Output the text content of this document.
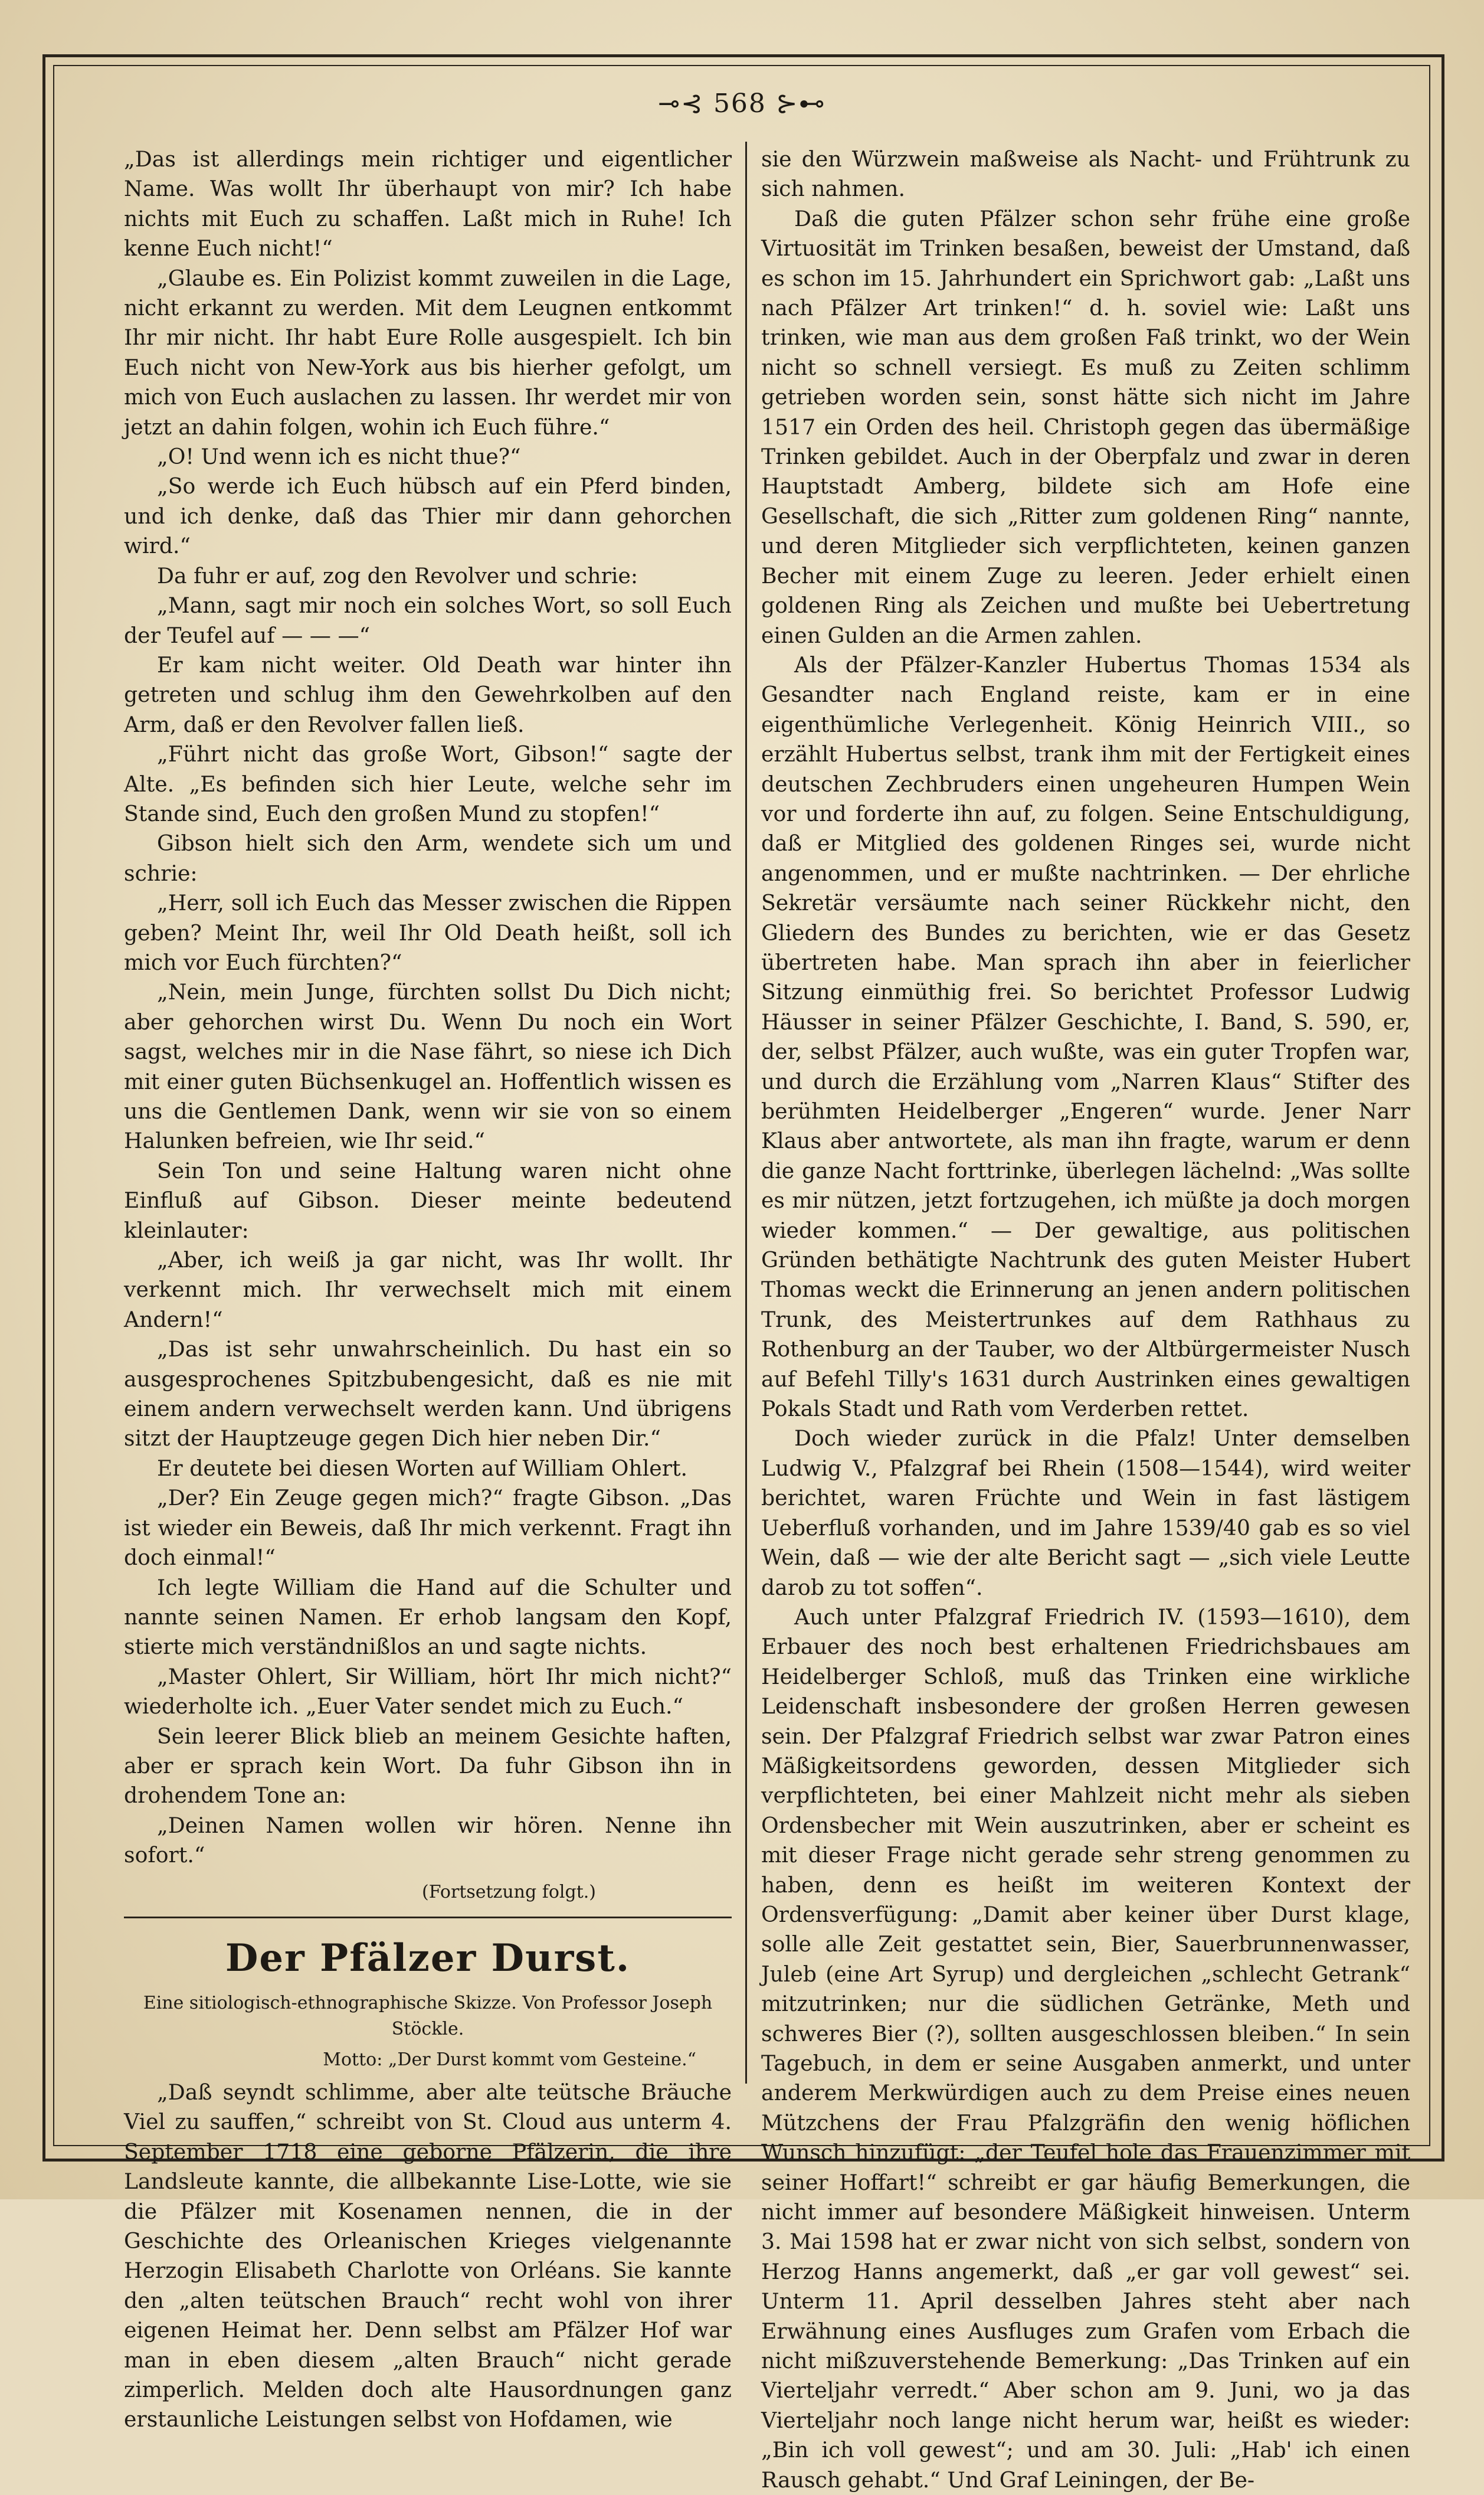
⊸⊰ 568 ⊱⊷

„Das ist allerdings mein richtiger und eigentlicher Name. Was wollt Ihr überhaupt von mir? Ich habe nichts mit Euch zu schaffen. Laßt mich in Ruhe! Ich kenne Euch nicht!“

„Glaube es. Ein Polizist kommt zuweilen in die Lage, nicht erkannt zu werden. Mit dem Leugnen entkommt Ihr mir nicht. Ihr habt Eure Rolle ausgespielt. Ich bin Euch nicht von New-York aus bis hierher gefolgt, um mich von Euch auslachen zu lassen. Ihr werdet mir von jetzt an dahin folgen, wohin ich Euch führe.“

„O! Und wenn ich es nicht thue?“

„So werde ich Euch hübsch auf ein Pferd binden, und ich denke, daß das Thier mir dann gehorchen wird.“

Da fuhr er auf, zog den Revolver und schrie:

„Mann, sagt mir noch ein solches Wort, so soll Euch der Teufel auf — — —“

Er kam nicht weiter. Old Death war hinter ihn getreten und schlug ihm den Gewehrkolben auf den Arm, daß er den Revolver fallen ließ.

„Führt nicht das große Wort, Gibson!“ sagte der Alte. „Es befinden sich hier Leute, welche sehr im Stande sind, Euch den großen Mund zu stopfen!“

Gibson hielt sich den Arm, wendete sich um und schrie:

„Herr, soll ich Euch das Messer zwischen die Rippen geben? Meint Ihr, weil Ihr Old Death heißt, soll ich mich vor Euch fürchten?“

„Nein, mein Junge, fürchten sollst Du Dich nicht; aber gehorchen wirst Du. Wenn Du noch ein Wort sagst, welches mir in die Nase fährt, so niese ich Dich mit einer guten Büchsenkugel an. Hoffentlich wissen es uns die Gentlemen Dank, wenn wir sie von so einem Halunken befreien, wie Ihr seid.“

Sein Ton und seine Haltung waren nicht ohne Einfluß auf Gibson. Dieser meinte bedeutend kleinlauter:

„Aber, ich weiß ja gar nicht, was Ihr wollt. Ihr verkennt mich. Ihr verwechselt mich mit einem Andern!“

„Das ist sehr unwahrscheinlich. Du hast ein so ausgesprochenes Spitzbubengesicht, daß es nie mit einem andern verwechselt werden kann. Und übrigens sitzt der Hauptzeuge gegen Dich hier neben Dir.“

Er deutete bei diesen Worten auf William Ohlert.

„Der? Ein Zeuge gegen mich?“ fragte Gibson. „Das ist wieder ein Beweis, daß Ihr mich verkennt. Fragt ihn doch einmal!“

Ich legte William die Hand auf die Schulter und nannte seinen Namen. Er erhob langsam den Kopf, stierte mich verständnißlos an und sagte nichts.

„Master Ohlert, Sir William, hört Ihr mich nicht?“ wiederholte ich. „Euer Vater sendet mich zu Euch.“

Sein leerer Blick blieb an meinem Gesichte haften, aber er sprach kein Wort. Da fuhr Gibson ihn in drohendem Tone an:

„Deinen Namen wollen wir hören. Nenne ihn sofort.“

(Fortsetzung folgt.)
Der Pfälzer Durst.
Eine sitiologisch-ethnographische Skizze. Von Professor Joseph Stöckle.
Motto: „Der Durst kommt vom Gesteine.“

„Daß seyndt schlimme, aber alte teütsche Bräuche Viel zu sauffen,“ schreibt von St. Cloud aus unterm 4. September 1718 eine geborne Pfälzerin, die ihre Landsleute kannte, die allbekannte Lise-Lotte, wie sie die Pfälzer mit Kosenamen nennen, die in der Geschichte des Orleanischen Krieges vielgenannte Herzogin Elisabeth Charlotte von Orléans. Sie kannte den „alten teütschen Brauch“ recht wohl von ihrer eigenen Heimat her. Denn selbst am Pfälzer Hof war man in eben diesem „alten Brauch“ nicht gerade zimperlich. Melden doch alte Hausordnungen ganz erstaunliche Leistungen selbst von Hofdamen, wie

sie den Würzwein maßweise als Nacht- und Frühtrunk zu sich nahmen.

Daß die guten Pfälzer schon sehr frühe eine große Virtuosität im Trinken besaßen, beweist der Umstand, daß es schon im 15. Jahrhundert ein Sprichwort gab: „Laßt uns nach Pfälzer Art trinken!“ d. h. soviel wie: Laßt uns trinken, wie man aus dem großen Faß trinkt, wo der Wein nicht so schnell versiegt. Es muß zu Zeiten schlimm getrieben worden sein, sonst hätte sich nicht im Jahre 1517 ein Orden des heil. Christoph gegen das übermäßige Trinken gebildet. Auch in der Oberpfalz und zwar in deren Hauptstadt Amberg, bildete sich am Hofe eine Gesellschaft, die sich „Ritter zum goldenen Ring“ nannte, und deren Mitglieder sich verpflichteten, keinen ganzen Becher mit einem Zuge zu leeren. Jeder erhielt einen goldenen Ring als Zeichen und mußte bei Uebertretung einen Gulden an die Armen zahlen.

Als der Pfälzer-Kanzler Hubertus Thomas 1534 als Gesandter nach England reiste, kam er in eine eigenthümliche Verlegenheit. König Heinrich VIII., so erzählt Hubertus selbst, trank ihm mit der Fertigkeit eines deutschen Zechbruders einen ungeheuren Humpen Wein vor und forderte ihn auf, zu folgen. Seine Entschuldigung, daß er Mitglied des goldenen Ringes sei, wurde nicht angenommen, und er mußte nachtrinken. — Der ehrliche Sekretär versäumte nach seiner Rückkehr nicht, den Gliedern des Bundes zu berichten, wie er das Gesetz übertreten habe. Man sprach ihn aber in feierlicher Sitzung einmüthig frei. So berichtet Professor Ludwig Häusser in seiner Pfälzer Geschichte, I. Band, S. 590, er, der, selbst Pfälzer, auch wußte, was ein guter Tropfen war, und durch die Erzählung vom „Narren Klaus“ Stifter des berühmten Heidelberger „Engeren“ wurde. Jener Narr Klaus aber antwortete, als man ihn fragte, warum er denn die ganze Nacht forttrinke, überlegen lächelnd: „Was sollte es mir nützen, jetzt fortzugehen, ich müßte ja doch morgen wieder kommen.“ — Der gewaltige, aus politischen Gründen bethätigte Nachtrunk des guten Meister Hubert Thomas weckt die Erinnerung an jenen andern politischen Trunk, des Meistertrunkes auf dem Rathhaus zu Rothenburg an der Tauber, wo der Altbürgermeister Nusch auf Befehl Tilly's 1631 durch Austrinken eines gewaltigen Pokals Stadt und Rath vom Verderben rettet.

Doch wieder zurück in die Pfalz! Unter demselben Ludwig V., Pfalzgraf bei Rhein (1508—1544), wird weiter berichtet, waren Früchte und Wein in fast lästigem Ueberfluß vorhanden, und im Jahre 1539/40 gab es so viel Wein, daß — wie der alte Bericht sagt — „sich viele Leutte darob zu tot soffen“.

Auch unter Pfalzgraf Friedrich IV. (1593—1610), dem Erbauer des noch best erhaltenen Friedrichsbaues am Heidelberger Schloß, muß das Trinken eine wirkliche Leidenschaft insbesondere der großen Herren gewesen sein. Der Pfalzgraf Friedrich selbst war zwar Patron eines Mäßigkeitsordens geworden, dessen Mitglieder sich verpflichteten, bei einer Mahlzeit nicht mehr als sieben Ordensbecher mit Wein auszutrinken, aber er scheint es mit dieser Frage nicht gerade sehr streng genommen zu haben, denn es heißt im weiteren Kontext der Ordensverfügung: „Damit aber keiner über Durst klage, solle alle Zeit gestattet sein, Bier, Sauerbrunnenwasser, Juleb (eine Art Syrup) und dergleichen „schlecht Getrank“ mitzutrinken; nur die südlichen Getränke, Meth und schweres Bier (?), sollten ausgeschlossen bleiben.“ In sein Tagebuch, in dem er seine Ausgaben anmerkt, und unter anderem Merkwürdigen auch zu dem Preise eines neuen Mützchens der Frau Pfalzgräfin den wenig höflichen Wunsch hinzufügt: „der Teufel hole das Frauenzimmer mit seiner Hoffart!“ schreibt er gar häufig Bemerkungen, die nicht immer auf besondere Mäßigkeit hinweisen. Unterm 3. Mai 1598 hat er zwar nicht von sich selbst, sondern von Herzog Hanns angemerkt, daß „er gar voll gewest“ sei. Unterm 11. April desselben Jahres steht aber nach Erwähnung eines Ausfluges zum Grafen vom Erbach die nicht mißzuverstehende Bemerkung: „Das Trinken auf ein Vierteljahr verredt.“ Aber schon am 9. Juni, wo ja das Vierteljahr noch lange nicht herum war, heißt es wieder: „Bin ich voll gewest“; und am 30. Juli: „Hab' ich einen Rausch gehabt.“ Und Graf Leiningen, der Be-
